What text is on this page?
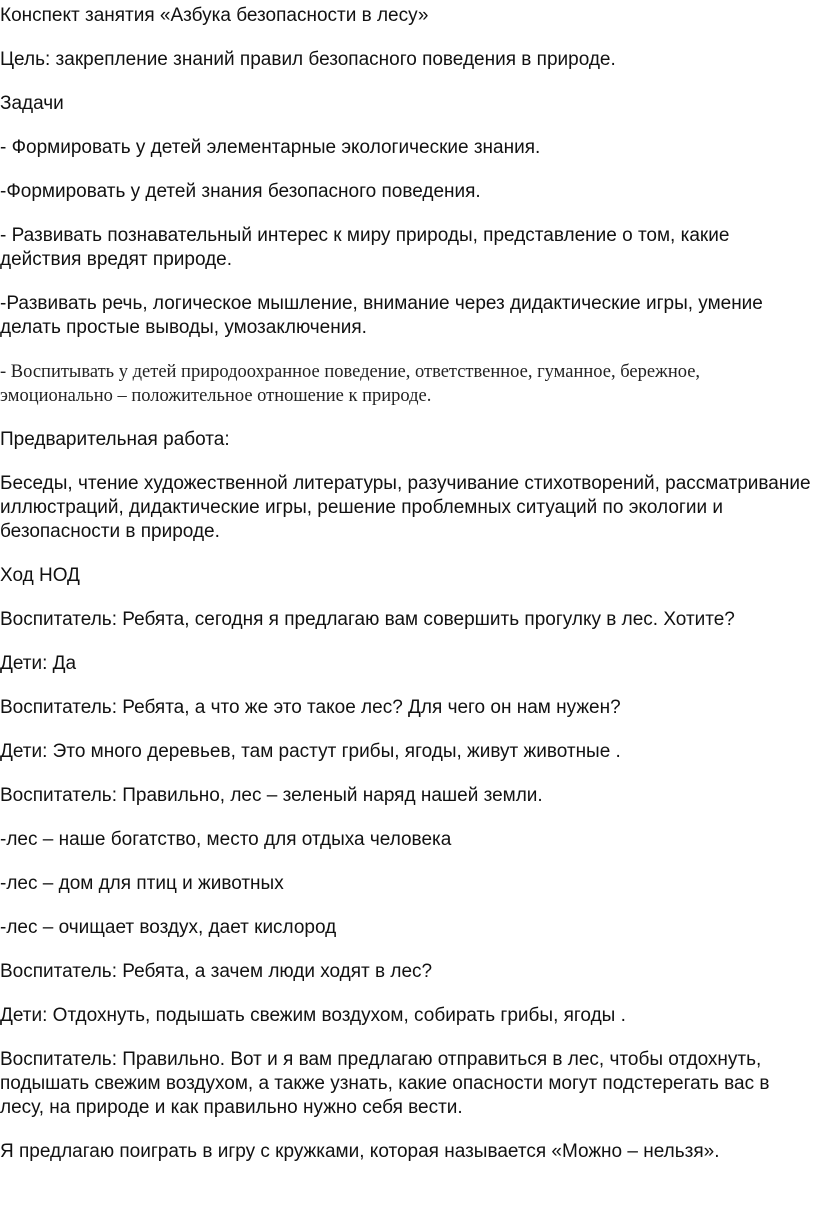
Конспект занятия «Азбука безопасности в лесу»

Цель: закрепление знаний правил безопасного поведения в природе.

Задачи

- Формировать у детей элементарные экологические знания.

-Формировать у детей знания безопасного поведения.

- Развивать познавательный интерес к миру природы, представление о том, какие действия вредят природе.

-Развивать речь, логическое мышление, внимание через дидактические игры, умение делать простые выводы, умозаключения.

- Воспитывать у детей природоохранное поведение, ответственное, гуманное, бережное, эмоционально – положительное отношение к природе.

Предварительная работа:

Беседы, чтение художественной литературы, разучивание стихотворений, рассматривание иллюстраций, дидактические игры, решение проблемных ситуаций по экологии и безопасности в природе.

Ход НОД

Воспитатель: Ребята, сегодня я предлагаю вам совершить прогулку в лес. Хотите?

Дети: Да

Воспитатель: Ребята, а что же это такое лес? Для чего он нам нужен?

Дети: Это много деревьев, там растут грибы, ягоды, живут животные .

Воспитатель: Правильно, лес – зеленый наряд нашей земли.

-лес – наше богатство, место для отдыха человека

-лес – дом для птиц и животных

-лес – очищает воздух, дает кислород

Воспитатель: Ребята, а зачем люди ходят в лес?

Дети: Отдохнуть, подышать свежим воздухом, собирать грибы, ягоды .

Воспитатель: Правильно. Вот и я вам предлагаю отправиться в лес, чтобы отдохнуть, подышать свежим воздухом, а также узнать, какие опасности могут подстерегать вас в лесу, на природе и как правильно нужно себя вести.

Я предлагаю поиграть в игру с кружками, которая называется «Можно – нельзя».
